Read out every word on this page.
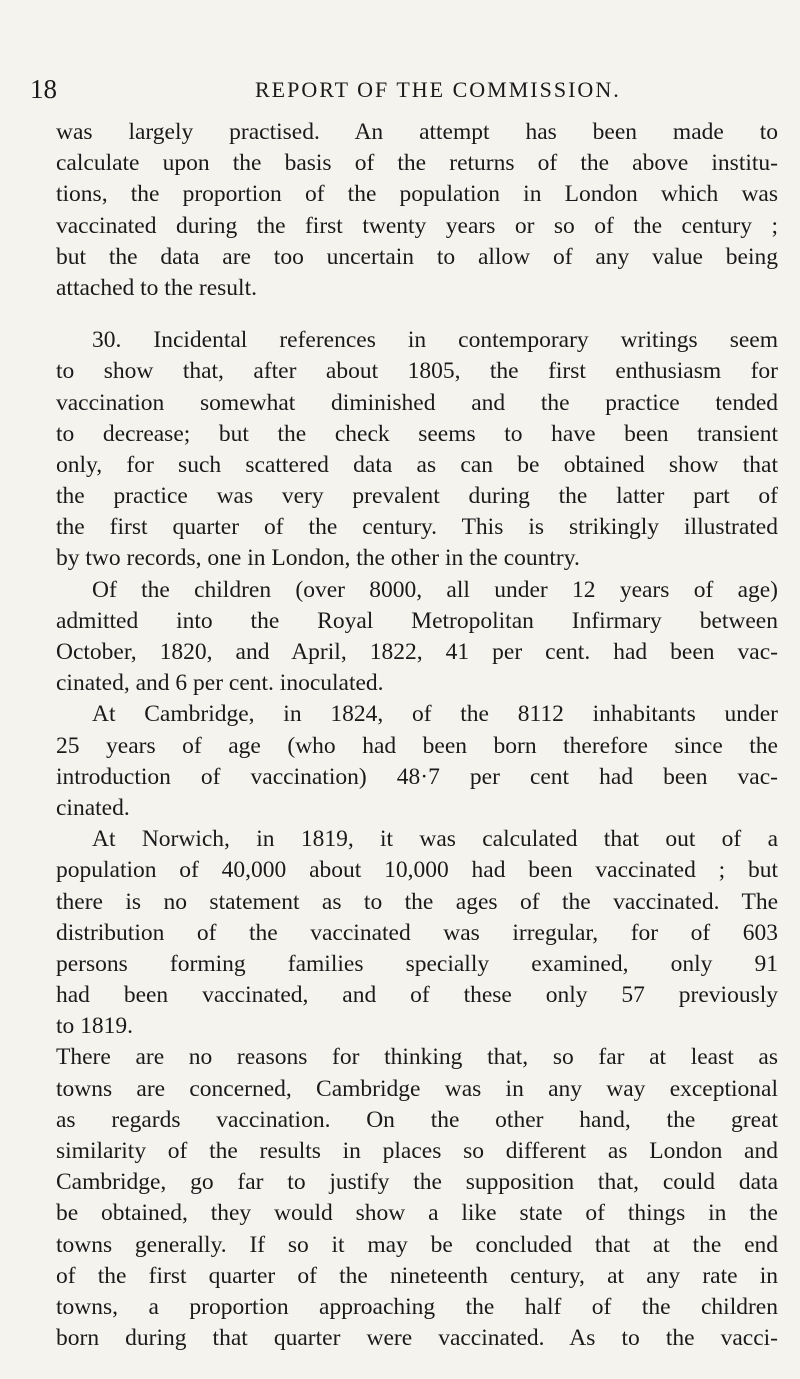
18	REPORT OF THE COMMISSION.
was largely practised. An attempt has been made to
calculate upon the basis of the returns of the above institu-
tions, the proportion of the population in London which was
vaccinated during the first twenty years or so of the century ;
but the data are too uncertain to allow of any value being
attached to the result.
30. Incidental references in contemporary writings seem
to show that, after about 1805, the first enthusiasm for
vaccination somewhat diminished and the practice tended
to decrease; but the check seems to have been transient
only, for such scattered data as can be obtained show that
the practice was very prevalent during the latter part of
the first quarter of the century. This is strikingly illustrated
by two records, one in London, the other in the country.
Of the children (over 8000, all under 12 years of age)
admitted into the Royal Metropolitan Infirmary between
October, 1820, and April, 1822, 41 per cent. had been vac-
cinated, and 6 per cent. inoculated.
At Cambridge, in 1824, of the 8112 inhabitants under
25 years of age (who had been born therefore since the
introduction of vaccination) 48·7 per cent had been vac-
cinated.
At Norwich, in 1819, it was calculated that out of a
population of 40,000 about 10,000 had been vaccinated ; but
there is no statement as to the ages of the vaccinated. The
distribution of the vaccinated was irregular, for of 603
persons forming families specially examined, only 91
had been vaccinated, and of these only 57 previously
to 1819.
There are no reasons for thinking that, so far at least as
towns are concerned, Cambridge was in any way exceptional
as regards vaccination. On the other hand, the great
similarity of the results in places so different as London and
Cambridge, go far to justify the supposition that, could data
be obtained, they would show a like state of things in the
towns generally. If so it may be concluded that at the end
of the first quarter of the nineteenth century, at any rate in
towns, a proportion approaching the half of the children
born during that quarter were vaccinated. As to the vacci-
